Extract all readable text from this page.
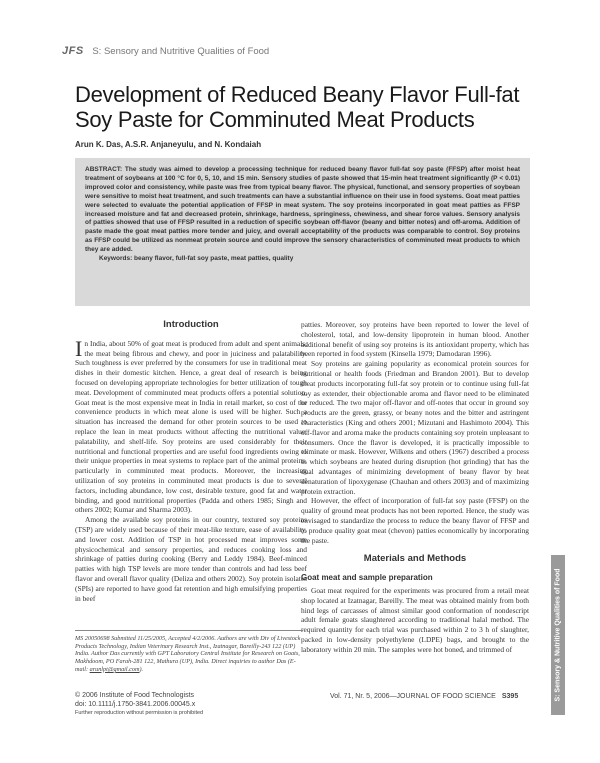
JFS S: Sensory and Nutritive Qualities of Food
Development of Reduced Beany Flavor Full-fat Soy Paste for Comminuted Meat Products
Arun K. Das, A.S.R. Anjaneyulu, and N. Kondaiah
ABSTRACT: The study was aimed to develop a processing technique for reduced beany flavor full-fat soy paste (FFSP) after moist heat treatment of soybeans at 100 °C for 0, 5, 10, and 15 min. Sensory studies of paste showed that 15-min heat treatment significantly (P < 0.01) improved color and consistency, while paste was free from typical beany flavor. The physical, functional, and sensory properties of soybean were sensitive to moist heat treatment, and such treatments can have a substantial influence on their use in food systems. Goat meat patties were selected to evaluate the potential application of FFSP in meat system. The soy proteins incorporated in goat meat patties as FFSP increased moisture and fat and decreased protein, shrinkage, hardness, springiness, chewiness, and shear force values. Sensory analysis of patties showed that use of FFSP resulted in a reduction of specific soybean off-flavor (beany and bitter notes) and off-aroma. Addition of paste made the goat meat patties more tender and juicy, and overall acceptability of the products was comparable to control. Soy proteins as FFSP could be utilized as nonmeat protein source and could improve the sensory characteristics of comminuted meat products to which they are added.
Keywords: beany flavor, full-fat soy paste, meat patties, quality
Introduction

In India, about 50% of goat meat is produced from adult and spent animals, the meat being fibrous and chewy, and poor in juiciness and palatability. Such toughness is ever preferred by the consumers for use in traditional meat dishes in their domestic kitchen. Hence, a great deal of research is being focused on developing appropriate technologies for better utilization of tough meat. Development of comminuted meat products offers a potential solution. Goat meat is the most expensive meat in India in retail market, so cost of the convenience products in which meat alone is used will be higher. Such a situation has increased the demand for other protein sources to be used to replace the lean in meat products without affecting the nutritional value, palatability, and shelf-life. Soy proteins are used considerably for their nutritional and functional properties and are useful food ingredients owing to their unique properties in meat systems to replace part of the animal proteins, particularly in comminuted meat products. Moreover, the increasing utilization of soy proteins in comminuted meat products is due to several factors, including abundance, low cost, desirable texture, good fat and water binding, and good nutritional properties (Padda and others 1985; Singh and others 2002; Kumar and Sharma 2003).

Among the available soy proteins in our country, textured soy proteins (TSP) are widely used because of their meat-like texture, ease of availability, and lower cost. Addition of TSP in hot processed meat improves some physicochemical and sensory properties, and reduces cooking loss and shrinkage of patties during cooking (Berry and Leddy 1984). Beef-minced patties with high TSP levels are more tender than controls and had less beef flavor and overall flavor quality (Deliza and others 2002). Soy protein isolates (SPIs) are reported to have good fat retention and high emulsifying properties in beef

patties. Moreover, soy proteins have been reported to lower the level of cholesterol, total, and low-density lipoprotein in human blood. Another additional benefit of using soy proteins is its antioxidant property, which has been reported in food system (Kinsella 1979; Damodaran 1996).

Soy proteins are gaining popularity as economical protein sources for nutritional or health foods (Friedman and Brandon 2001). But to develop meat products incorporating full-fat soy protein or to continue using full-fat soy as extender, their objectionable aroma and flavor need to be eliminated or reduced. The two major off-flavor and off-notes that occur in ground soy products are the green, grassy, or beany notes and the bitter and astringent characteristics (King and others 2001; Mizutani and Hashimoto 2004). This off-flavor and aroma make the products containing soy protein unpleasant to consumers. Once the flavor is developed, it is practically impossible to eliminate or mask. However, Wilkens and others (1967) described a process in which soybeans are heated during disruption (hot grinding) that has the dual advantages of minimizing development of beany flavor by heat denaturation of lipoxygenase (Chauhan and others 2003) and of maximizing protein extraction.

However, the effect of incorporation of full-fat soy paste (FFSP) on the quality of ground meat products has not been reported. Hence, the study was envisaged to standardize the process to reduce the beany flavor of FFSP and to produce quality goat meat (chevon) patties economically by incorporating the paste.

Materials and Methods
Goat meat and sample preparation

Goat meat required for the experiments was procured from a retail meat shop located at Izatnagar, Bareilly. The meat was obtained mainly from both hind legs of carcasses of almost similar good conformation of nondescript adult female goats slaughtered according to traditional halal method. The required quantity for each trial was purchased within 2 to 3 h of slaughter, packed in low-density polyethylene (LDPE) bags, and brought to the laboratory within 20 min. The samples were hot boned, and trimmed of

MS 20050698 Submitted 11/25/2005, Accepted 4/2/2006. Authors are with Div of Livestock Products Technology, Indian Veterinary Research Inst., Izatnagar, Bareilly-243 122 (UP) India. Author Das currently with GPT Laboratory Central Institute for Research on Goats, Makhdoom, PO Farah-281 122, Mathura (UP), India. Direct inquiries to author Das (E-mail: arunlpt@gmail.com).
© 2006 Institute of Food Technologists
doi: 10.1111/j.1750-3841.2006.00045.x
Further reproduction without permission is prohibited
Vol. 71, Nr. 5, 2006—JOURNAL OF FOOD SCIENCE S395	S: Sensory & Nutritive Qualities of Food
